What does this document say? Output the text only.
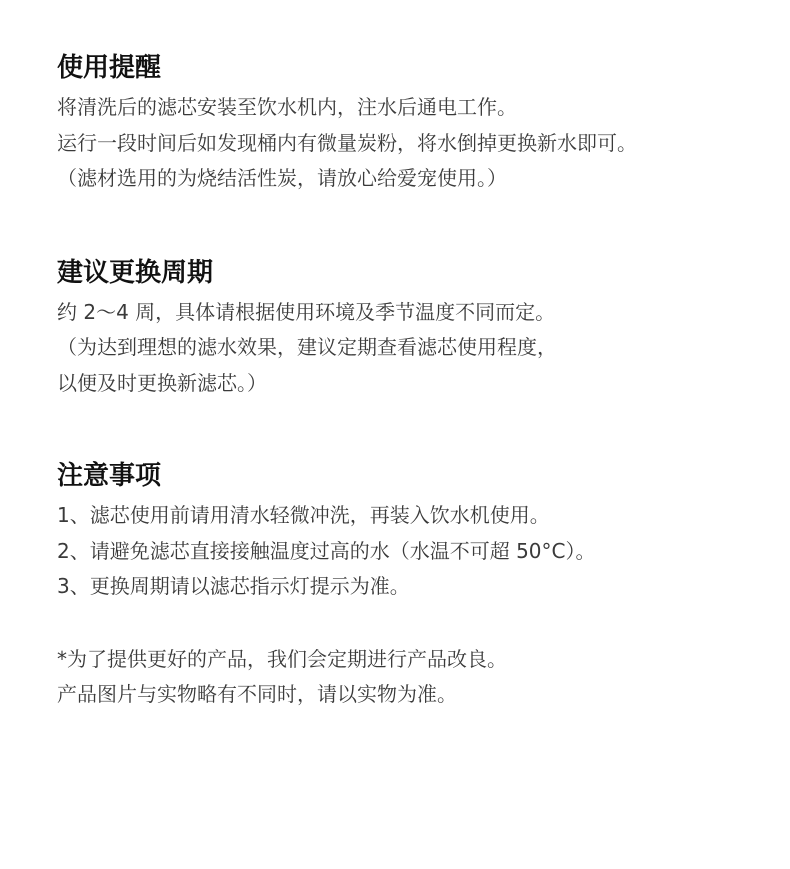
使用提醒
将清洗后的滤芯安装至饮水机内，注水后通电工作。
运行一段时间后如发现桶内有微量炭粉，将水倒掉更换新水即可。
（滤材选用的为烧结活性炭，请放心给爱宠使用。）
建议更换周期
约 2～4 周，具体请根据使用环境及季节温度不同而定。
（为达到理想的滤水效果，建议定期查看滤芯使用程度，
以便及时更换新滤芯。）
注意事项
1、滤芯使用前请用清水轻微冲洗，再装入饮水机使用。
2、请避免滤芯直接接触温度过高的水（水温不可超 50°C）。
3、更换周期请以滤芯指示灯提示为准。
*为了提供更好的产品，我们会定期进行产品改良。
产品图片与实物略有不同时，请以实物为准。
